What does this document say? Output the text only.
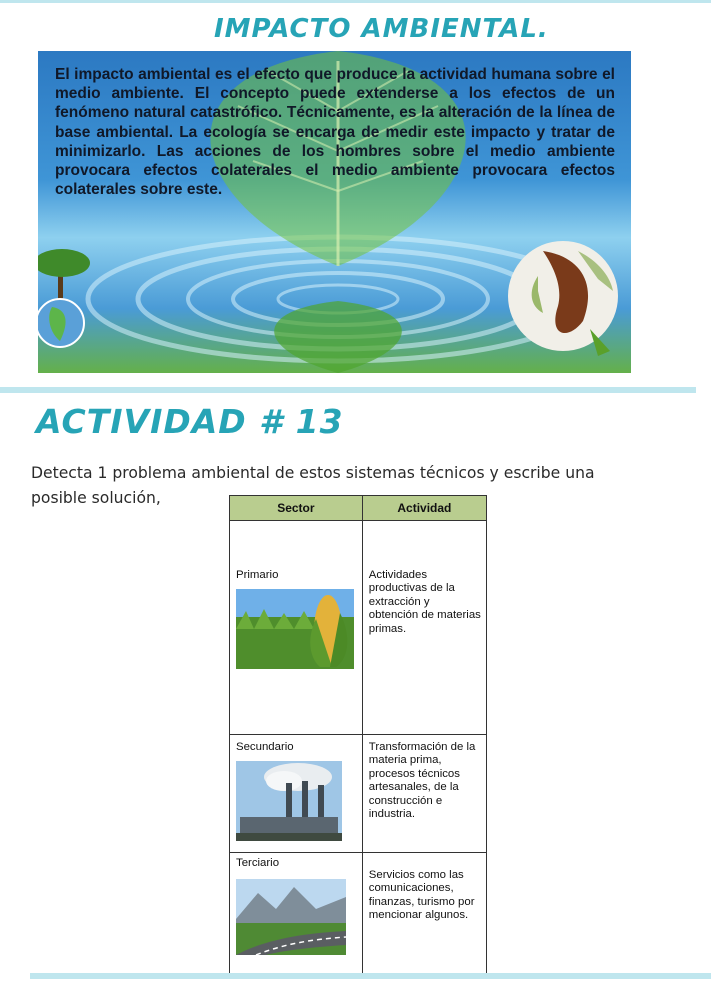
IMPACTO AMBIENTAL.
El impacto ambiental es el efecto que produce la actividad humana sobre el medio ambiente. El concepto puede extenderse a los efectos de un fenómeno natural catastrófico. Técnicamente, es la alteración de la línea de base ambiental. La ecología se encarga de medir este impacto y tratar de minimizarlo. Las acciones de los hombres sobre el medio ambiente provocara efectos colaterales el medio ambiente provocara efectos colaterales sobre este.
ACTIVIDAD # 13
Detecta 1 problema ambiental de estos sistemas técnicos y escribe una posible solución,
Sector	Actividad

Primario	Actividades productivas de la extracción y obtención de materias primas.

Secundario	Transformación de la materia prima, procesos técnicos artesanales, de la construcción e industria.

Terciario	Servicios como las comunicaciones, finanzas, turismo por mencionar algunos.
